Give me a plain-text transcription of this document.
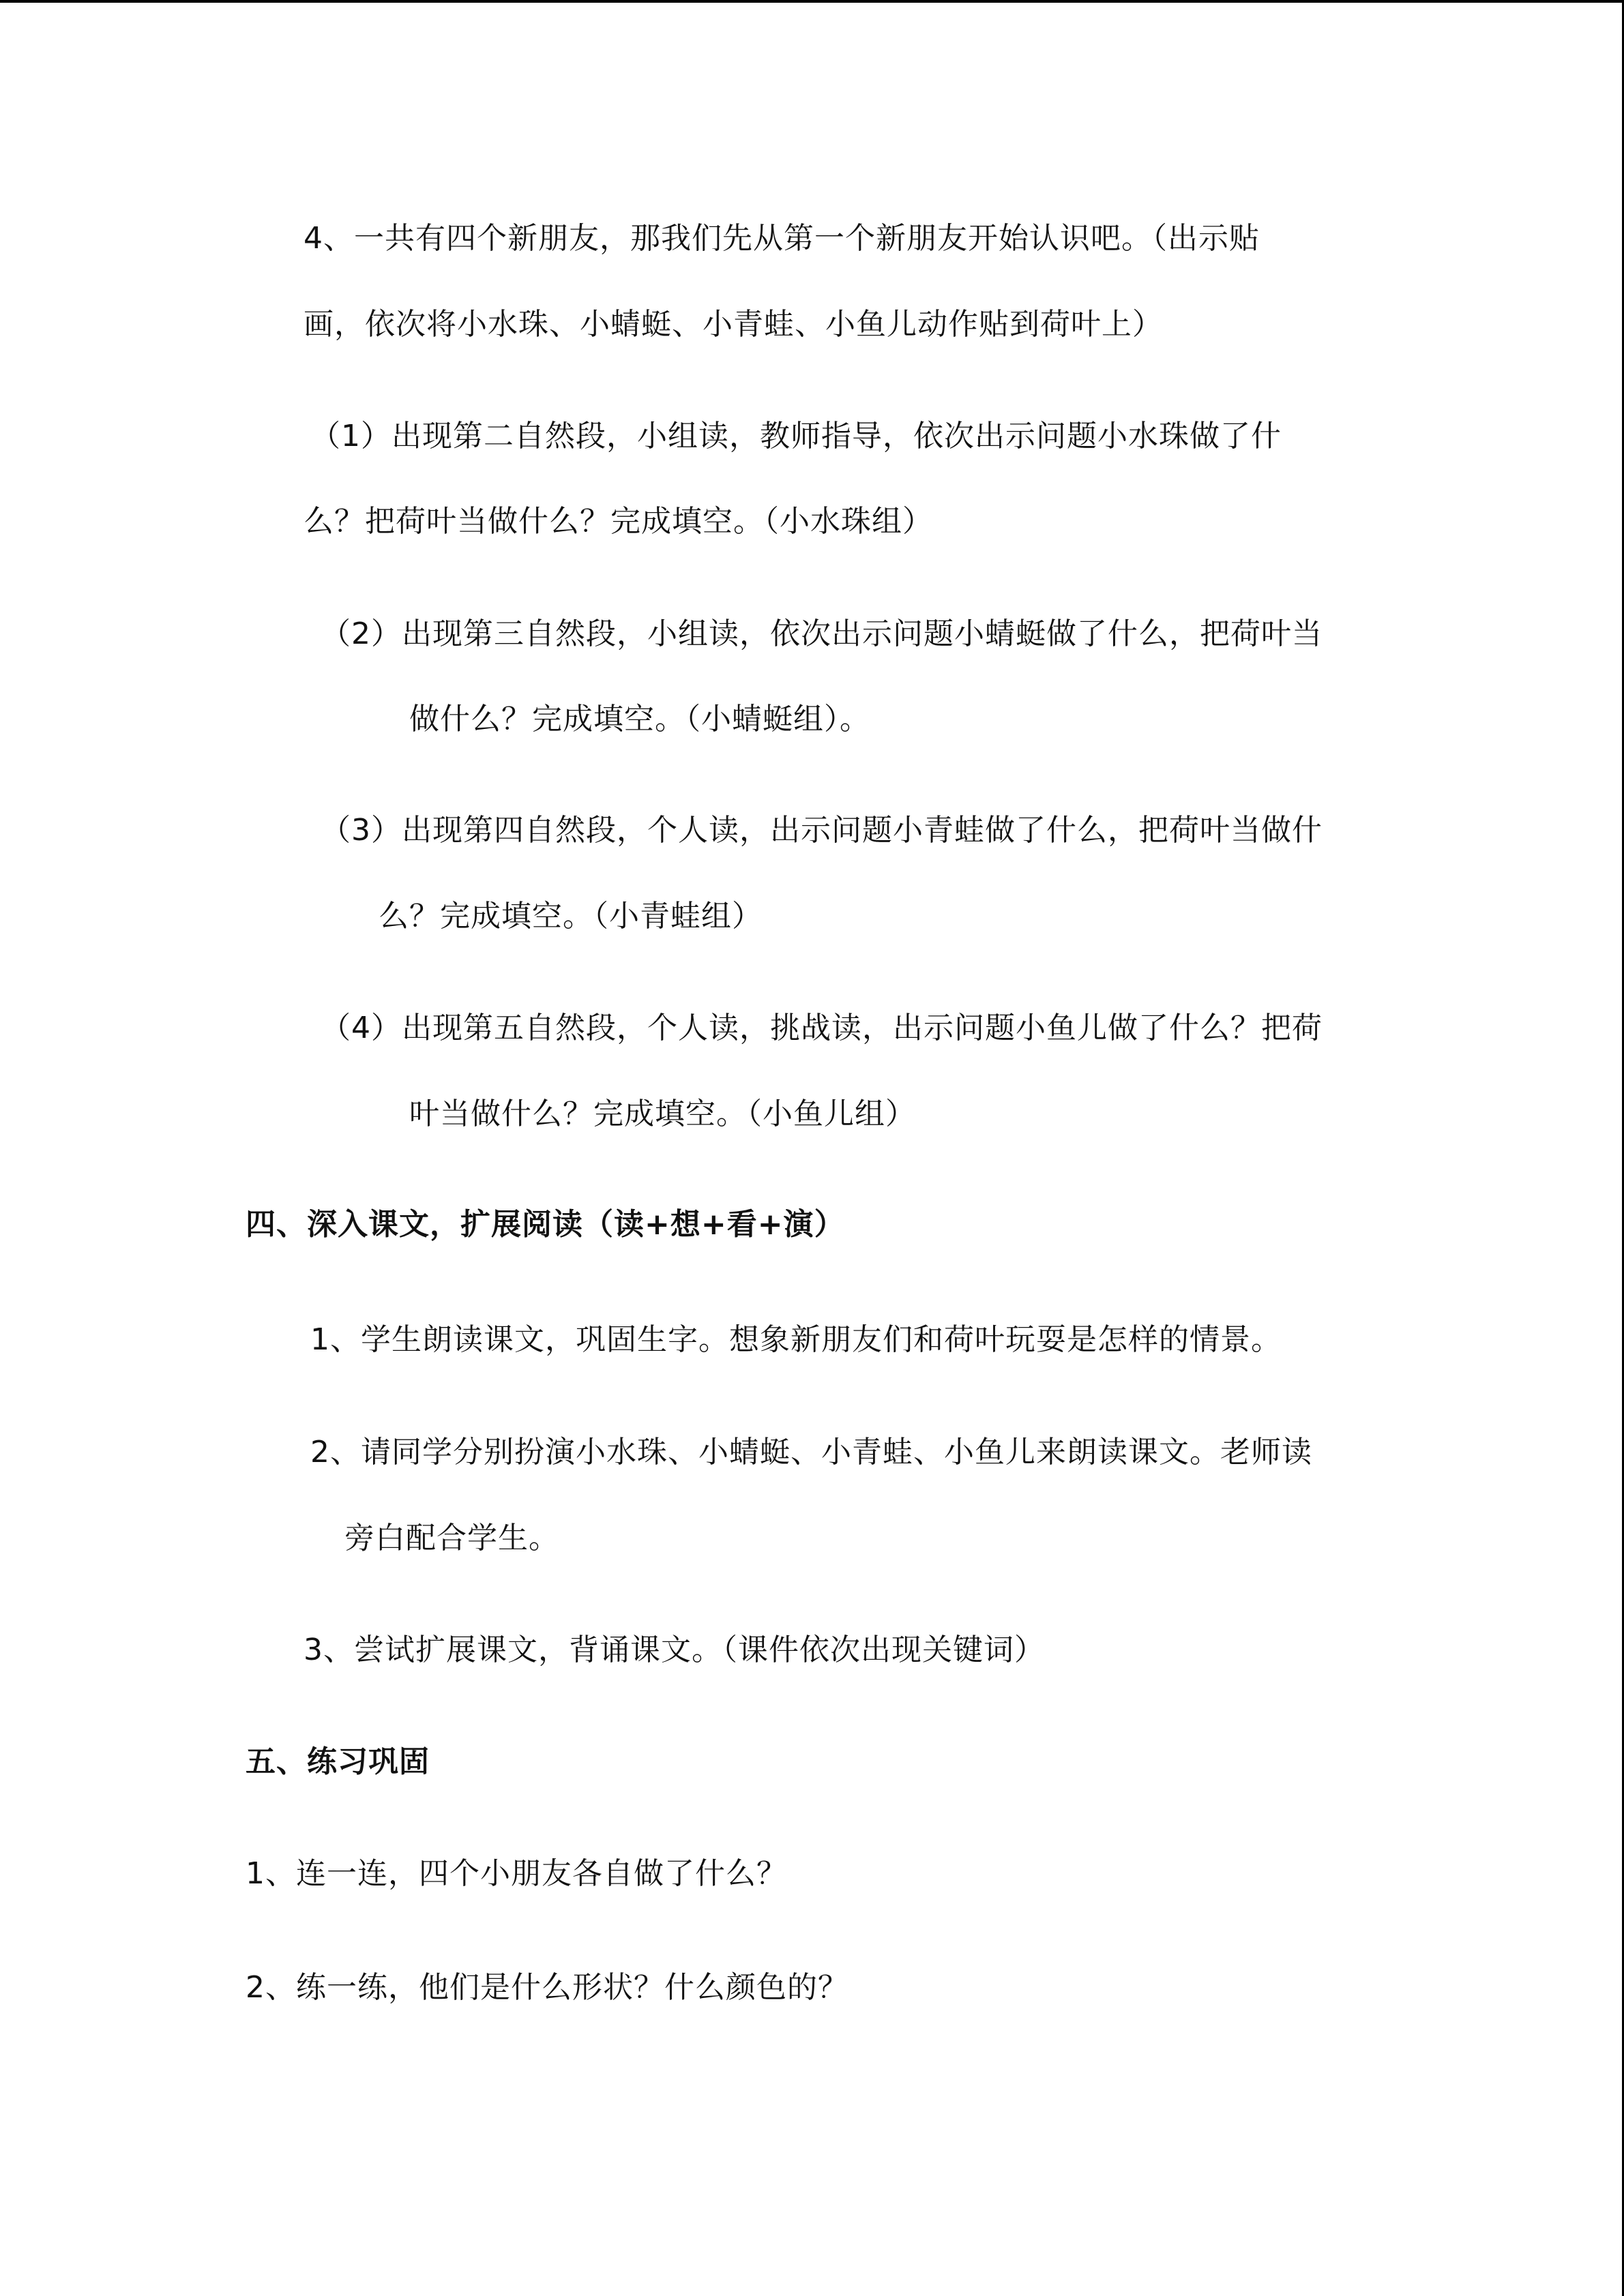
4、一共有四个新朋友，那我们先从第一个新朋友开始认识吧。（出示贴
画，依次将小水珠、小蜻蜓、小青蛙、小鱼儿动作贴到荷叶上）
（1）出现第二自然段，小组读，教师指导，依次出示问题小水珠做了什
么？把荷叶当做什么？完成填空。（小水珠组）
（2）出现第三自然段，小组读，依次出示问题小蜻蜓做了什么，把荷叶当
做什么？完成填空。（小蜻蜓组）。
（3）出现第四自然段，个人读，出示问题小青蛙做了什么，把荷叶当做什
么？完成填空。（小青蛙组）
（4）出现第五自然段，个人读，挑战读，出示问题小鱼儿做了什么？把荷
叶当做什么？完成填空。（小鱼儿组）
四、深入课文，扩展阅读（读+想+看+演）
1、学生朗读课文，巩固生字。想象新朋友们和荷叶玩耍是怎样的情景。
2、请同学分别扮演小水珠、小蜻蜓、小青蛙、小鱼儿来朗读课文。老师读
旁白配合学生。
3、尝试扩展课文，背诵课文。（课件依次出现关键词）
五、练习巩固
1、连一连，四个小朋友各自做了什么？
2、练一练，他们是什么形状？什么颜色的？
